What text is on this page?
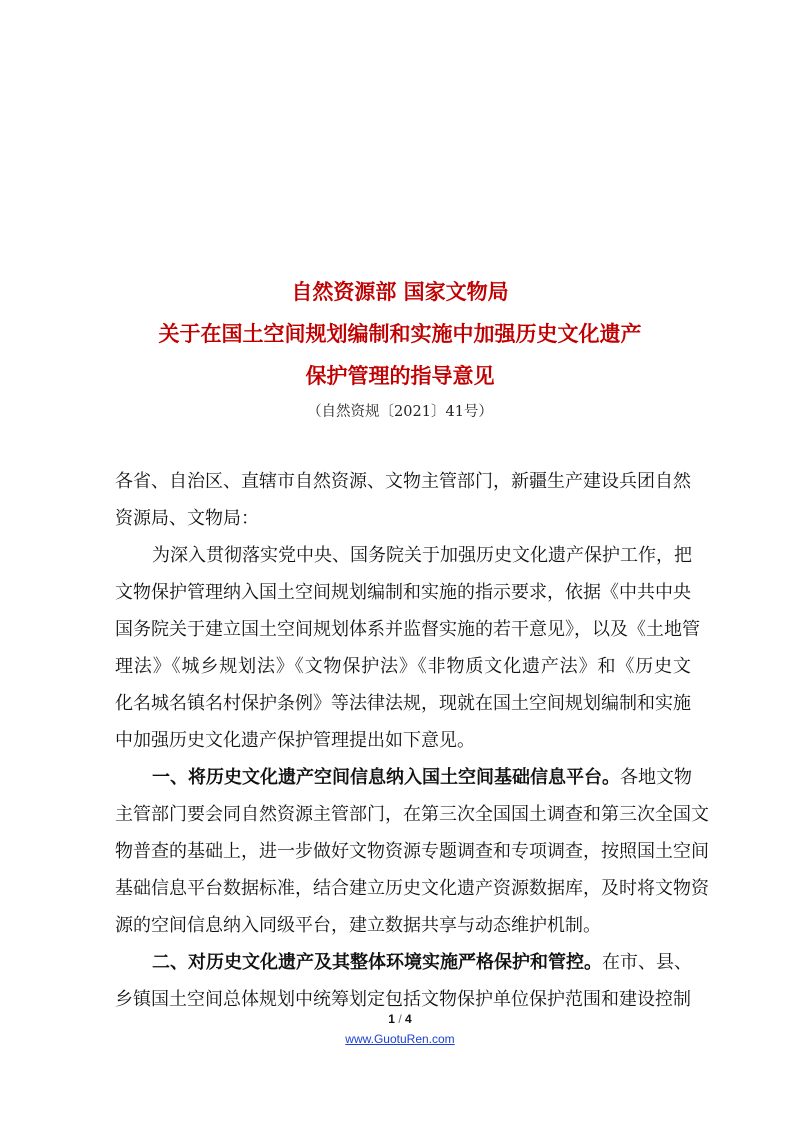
自然资源部 国家文物局
关于在国土空间规划编制和实施中加强历史文化遗产
保护管理的指导意见
（自然资规〔2021〕41号）
各省、自治区、直辖市自然资源、文物主管部门，新疆生产建设兵团自然
资源局、文物局：
为深入贯彻落实党中央、国务院关于加强历史文化遗产保护工作，把
文物保护管理纳入国土空间规划编制和实施的指示要求，依据《中共中央
国务院关于建立国土空间规划体系并监督实施的若干意见》，以及《土地管
理法》《城乡规划法》《文物保护法》《非物质文化遗产法》和《历史文
化名城名镇名村保护条例》等法律法规，现就在国土空间规划编制和实施
中加强历史文化遗产保护管理提出如下意见。
一、将历史文化遗产空间信息纳入国土空间基础信息平台。各地文物
主管部门要会同自然资源主管部门，在第三次全国国土调查和第三次全国文
物普查的基础上，进一步做好文物资源专题调查和专项调查，按照国土空间
基础信息平台数据标准，结合建立历史文化遗产资源数据库，及时将文物资
源的空间信息纳入同级平台，建立数据共享与动态维护机制。
二、对历史文化遗产及其整体环境实施严格保护和管控。在市、县、
乡镇国土空间总体规划中统筹划定包括文物保护单位保护范围和建设控制
1 / 4
www.GuotuRen.com
